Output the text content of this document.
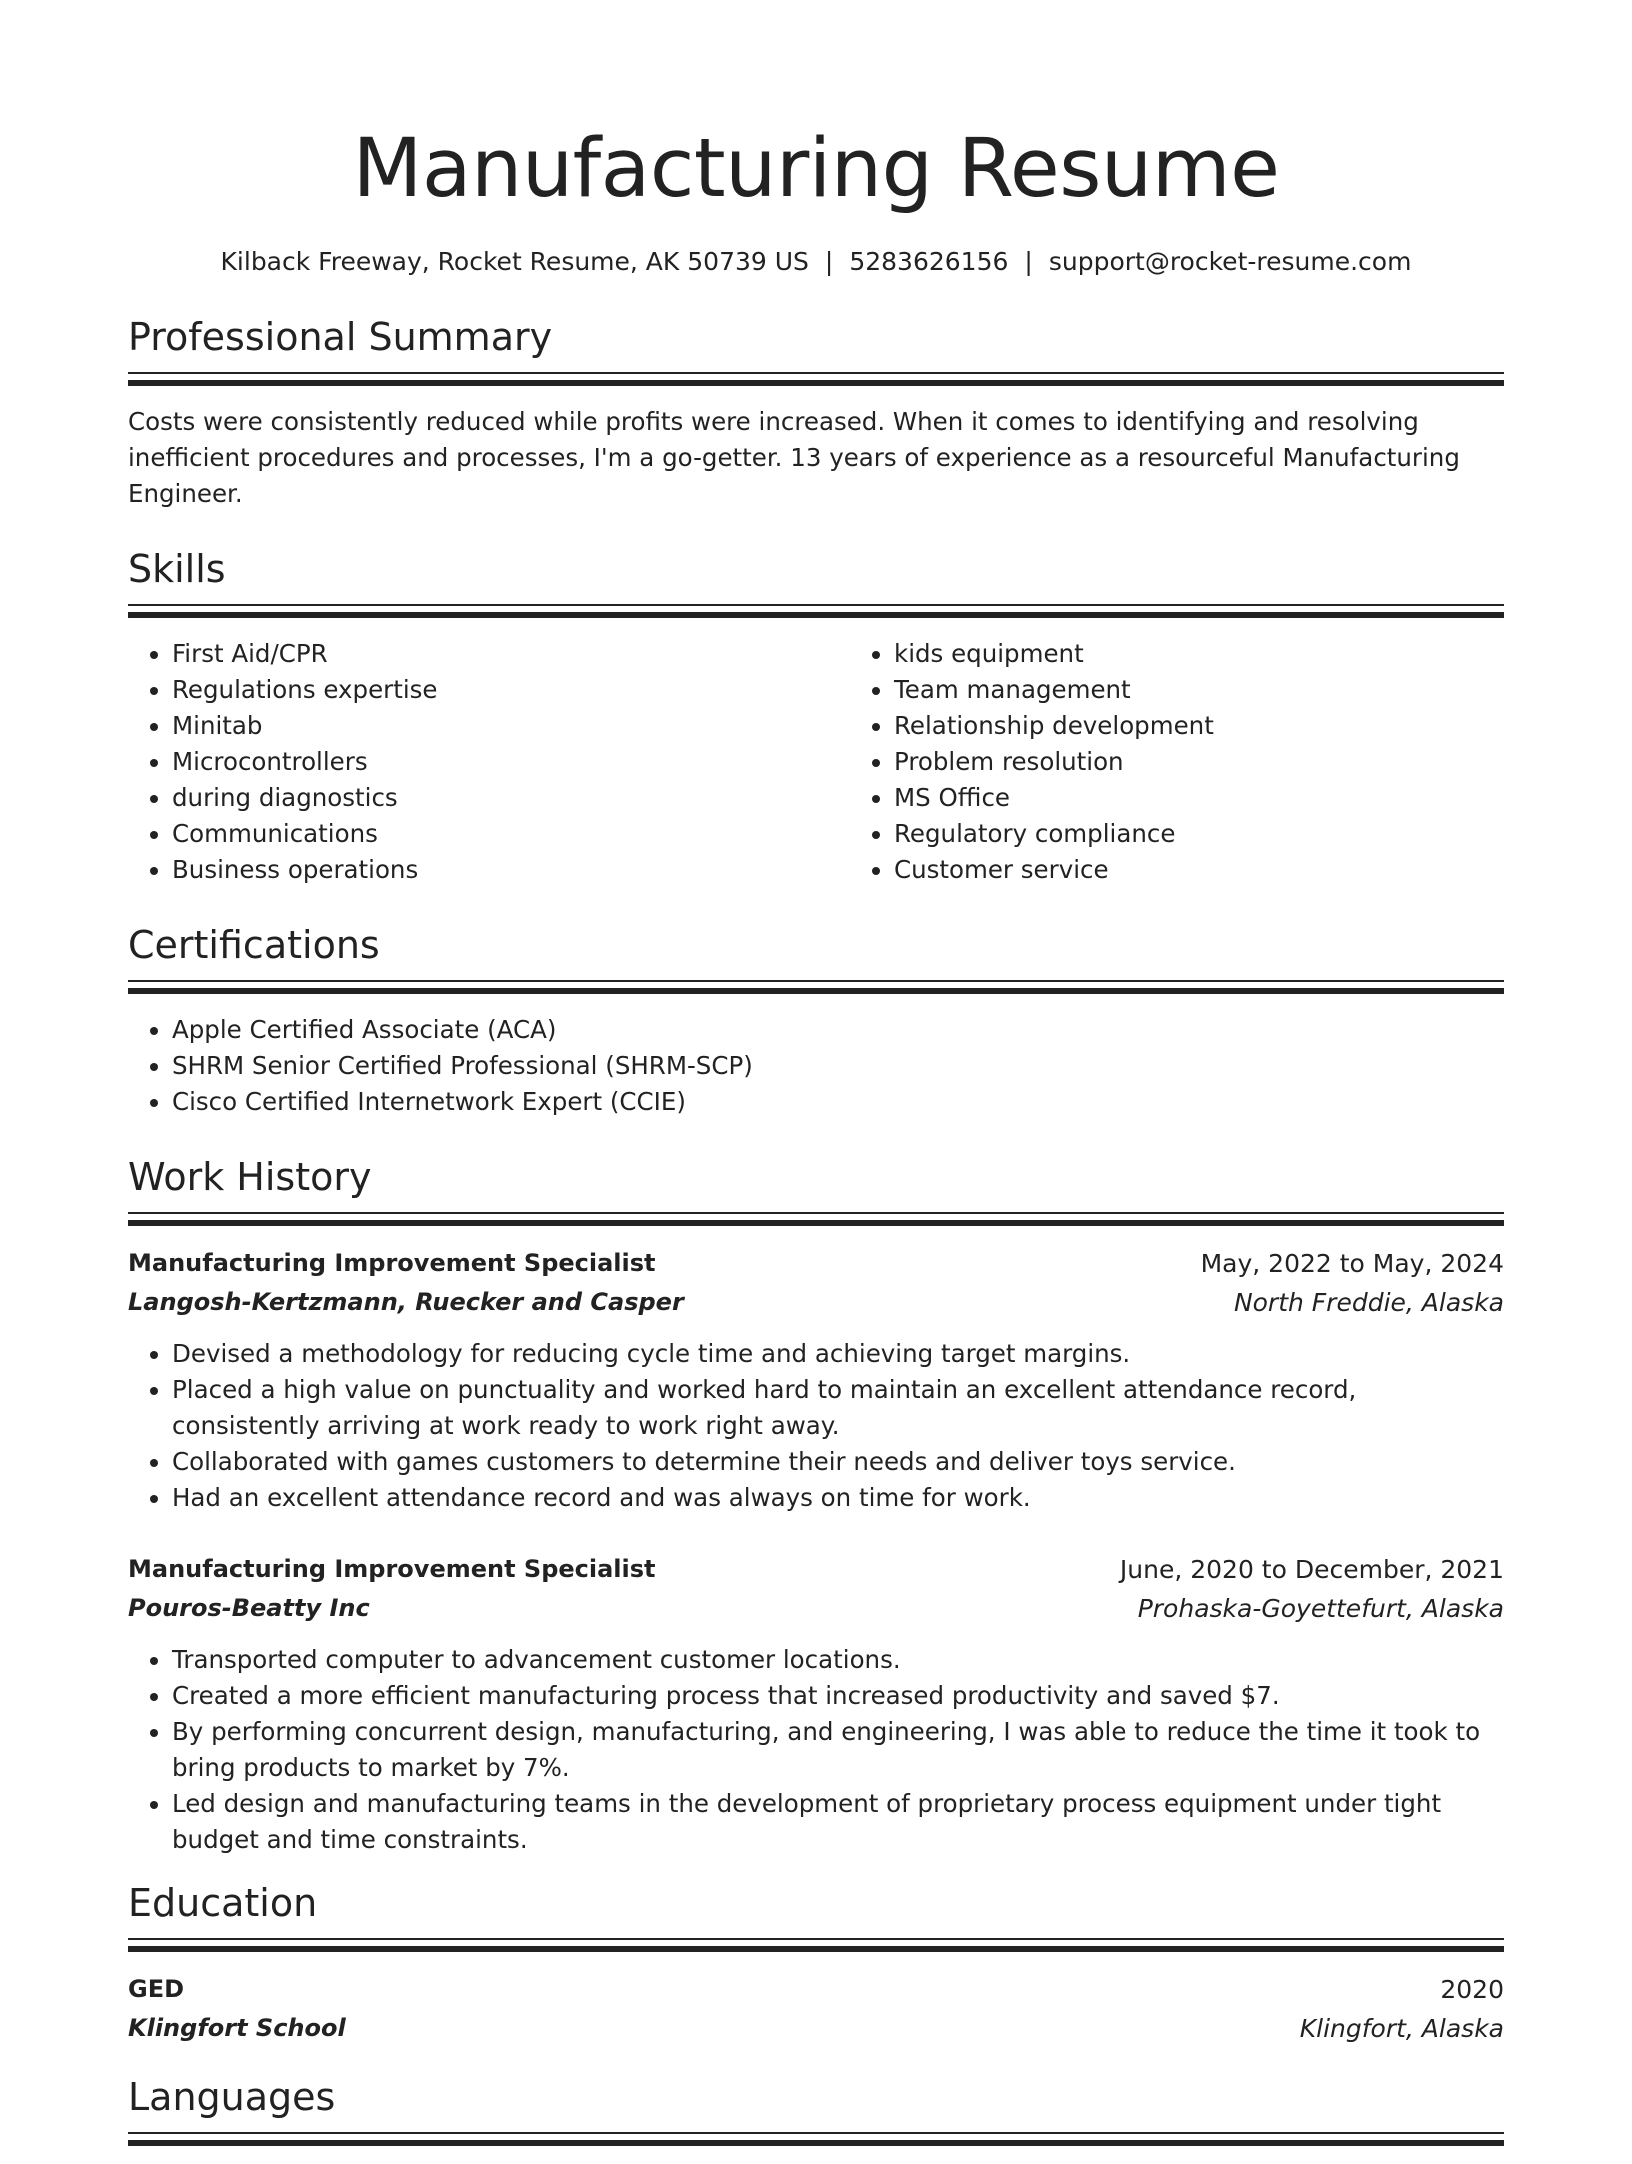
Manufacturing Resume
Kilback Freeway, Rocket Resume, AK 50739 US | 5283626156 | support@rocket-resume.com
Professional Summary

Costs were consistently reduced while profits were increased. When it comes to identifying and resolving inefficient procedures and processes, I'm a go-getter. 13 years of experience as a resourceful Manufacturing Engineer.

Skills
• First Aid/CPR
• Regulations expertise
• Minitab
• Microcontrollers
• during diagnostics
• Communications
• Business operations
• kids equipment
• Team management
• Relationship development
• Problem resolution
• MS Office
• Regulatory compliance
• Customer service
Certifications
• Apple Certified Associate (ACA)
• SHRM Senior Certified Professional (SHRM-SCP)
• Cisco Certified Internetwork Expert (CCIE)
Work History
Manufacturing Improvement Specialist	May, 2022 to May, 2024
Langosh-Kertzmann, Ruecker and Casper	North Freddie, Alaska
• Devised a methodology for reducing cycle time and achieving target margins.
• Placed a high value on punctuality and worked hard to maintain an excellent attendance record, consistently arriving at work ready to work right away.
• Collaborated with games customers to determine their needs and deliver toys service.
• Had an excellent attendance record and was always on time for work.
Manufacturing Improvement Specialist	June, 2020 to December, 2021
Pouros-Beatty Inc	Prohaska-Goyettefurt, Alaska
• Transported computer to advancement customer locations.
• Created a more efficient manufacturing process that increased productivity and saved $7.
• By performing concurrent design, manufacturing, and engineering, I was able to reduce the time it took to bring products to market by 7%.
• Led design and manufacturing teams in the development of proprietary process equipment under tight budget and time constraints.
Education
GED	2020
Klingfort School	Klingfort, Alaska
Languages
